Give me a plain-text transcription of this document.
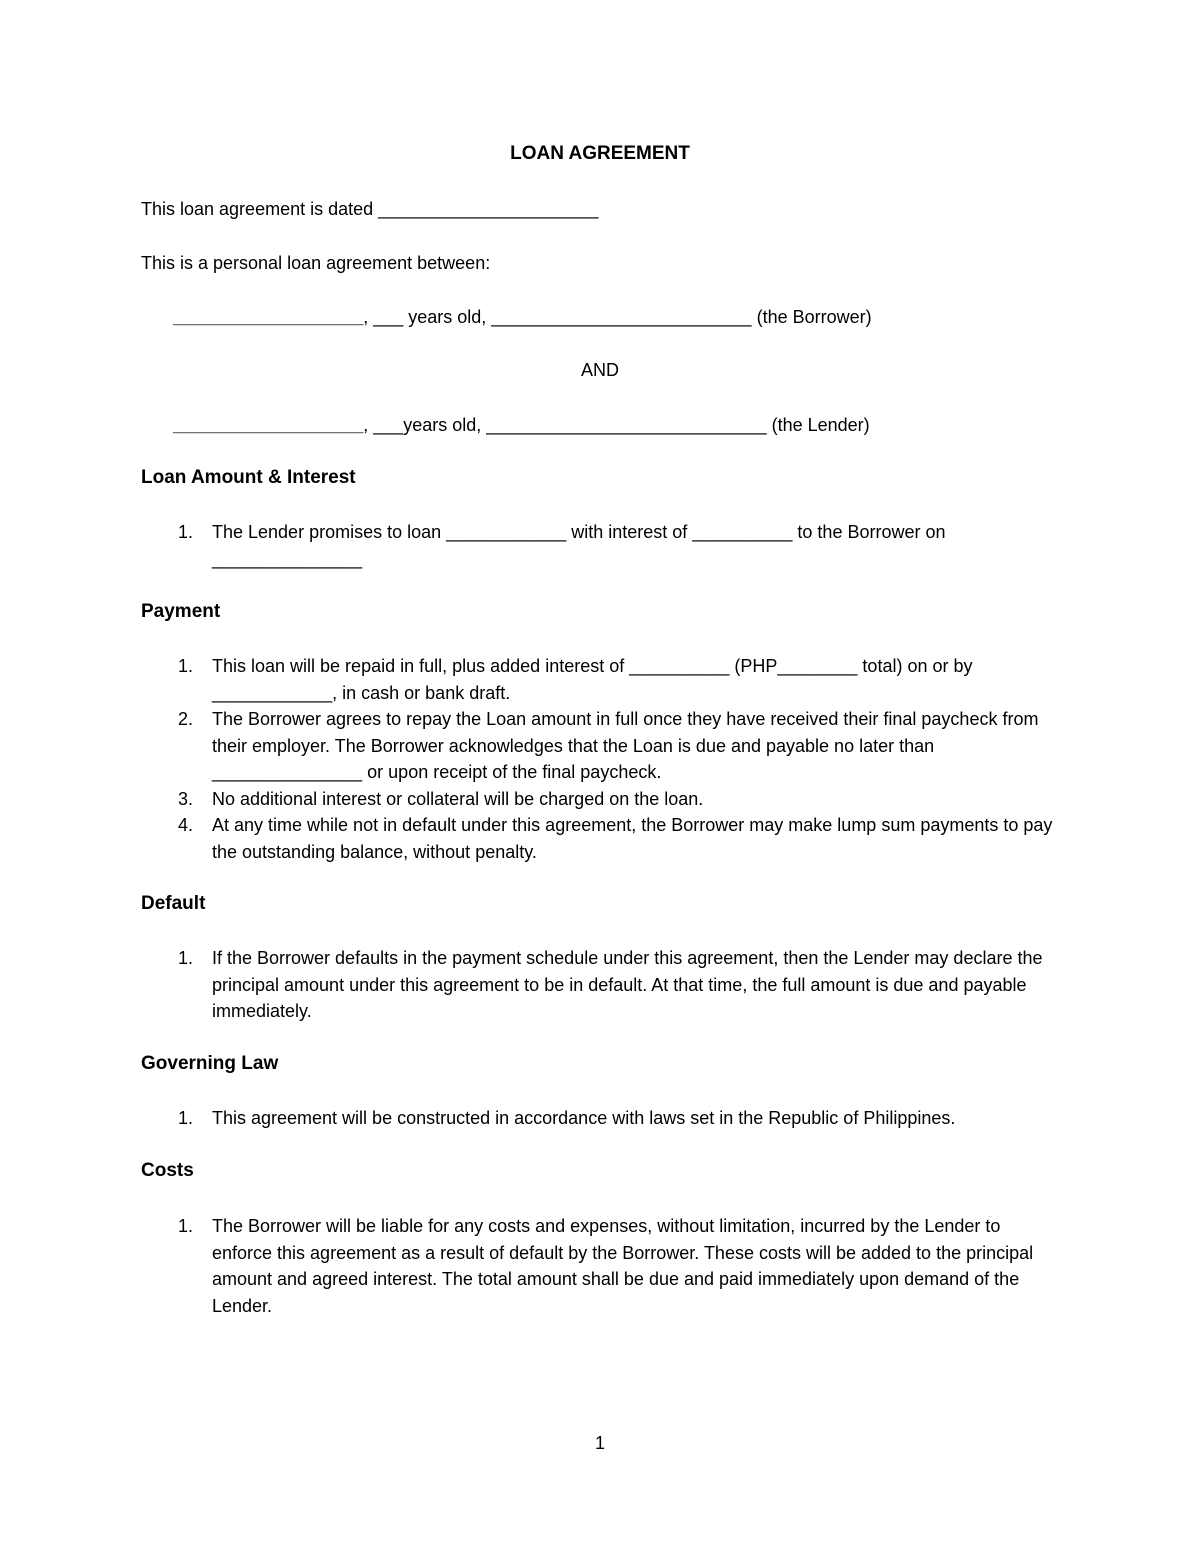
LOAN AGREEMENT
This loan agreement is dated ______________________
This is a personal loan agreement between:
___________________, ___ years old, __________________________ (the Borrower)
AND
___________________, ___years old, ____________________________ (the Lender)
Loan Amount & Interest
1. The Lender promises to loan ____________ with interest of __________ to the Borrower on _______________
Payment
1. This loan will be repaid in full, plus added interest of __________ (PHP________ total) on or by ____________, in cash or bank draft.
2. The Borrower agrees to repay the Loan amount in full once they have received their final paycheck from their employer. The Borrower acknowledges that the Loan is due and payable no later than _______________ or upon receipt of the final paycheck.
3. No additional interest or collateral will be charged on the loan.
4. At any time while not in default under this agreement, the Borrower may make lump sum payments to pay the outstanding balance, without penalty.
Default
1. If the Borrower defaults in the payment schedule under this agreement, then the Lender may declare the principal amount under this agreement to be in default. At that time, the full amount is due and payable immediately.
Governing Law
1. This agreement will be constructed in accordance with laws set in the Republic of Philippines.
Costs
1. The Borrower will be liable for any costs and expenses, without limitation, incurred by the Lender to enforce this agreement as a result of default by the Borrower. These costs will be added to the principal amount and agreed interest. The total amount shall be due and paid immediately upon demand of the Lender.
1
